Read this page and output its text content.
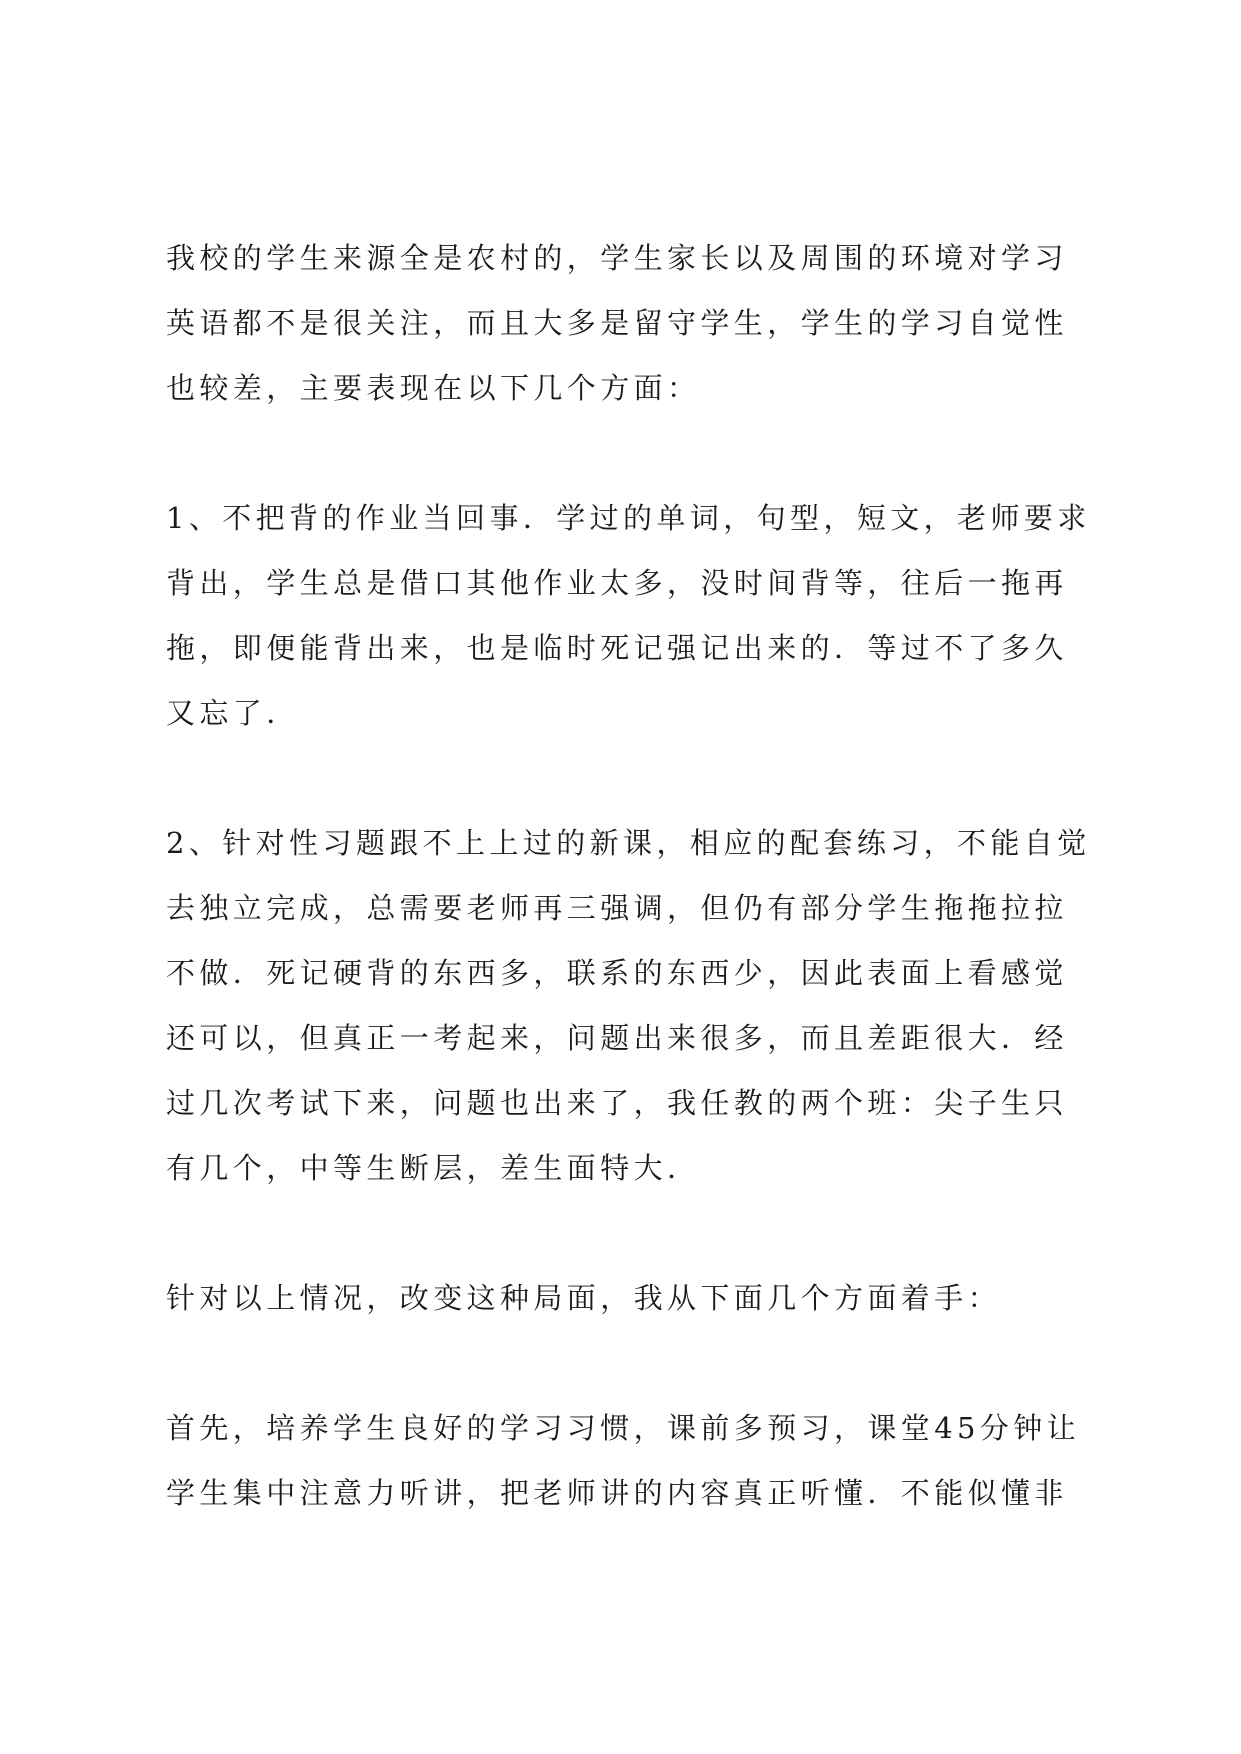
我校的学生来源全是农村的，学生家长以及周围的环境对学习英语都不是很关注，而且大多是留守学生，学生的学习自觉性也较差，主要表现在以下几个方面：

1、不把背的作业当回事．学过的单词，句型，短文，老师要求背出，学生总是借口其他作业太多，没时间背等，往后一拖再拖，即便能背出来，也是临时死记强记出来的．等过不了多久又忘了．

2、针对性习题跟不上上过的新课，相应的配套练习，不能自觉去独立完成，总需要老师再三强调，但仍有部分学生拖拖拉拉不做．死记硬背的东西多，联系的东西少，因此表面上看感觉还可以，但真正一考起来，问题出来很多，而且差距很大．经过几次考试下来，问题也出来了，我任教的两个班：尖子生只有几个，中等生断层，差生面特大．

针对以上情况，改变这种局面，我从下面几个方面着手：

首先，培养学生良好的学习习惯，课前多预习，课堂45分钟让学生集中注意力听讲，把老师讲的内容真正听懂．不能似懂非
